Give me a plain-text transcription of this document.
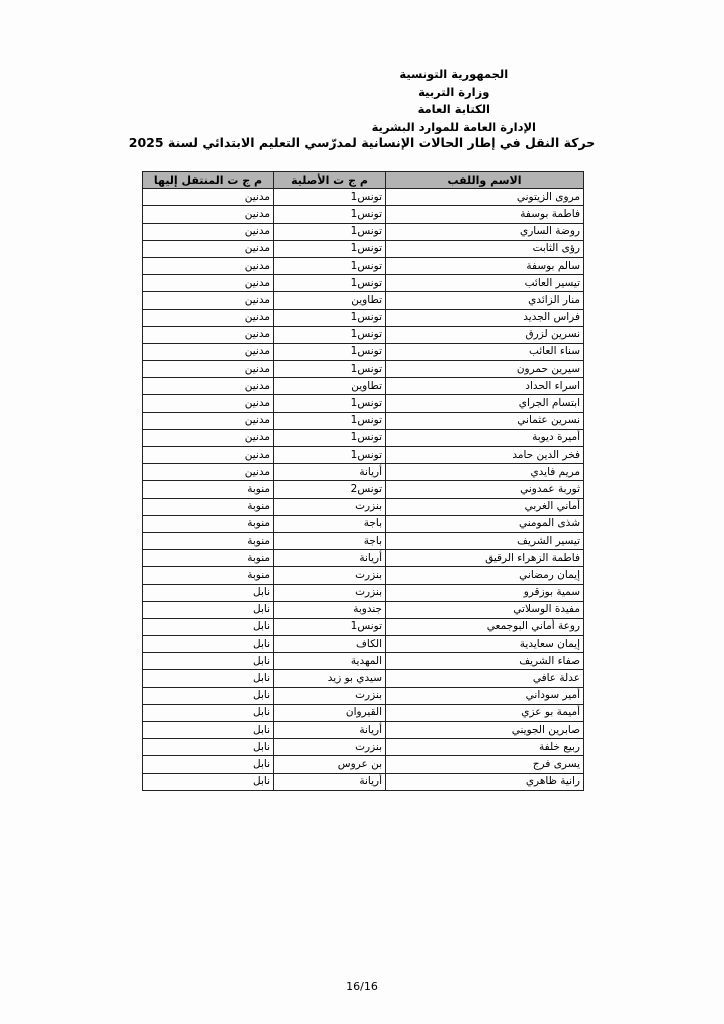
الجمهورية التونسية
وزارة التربية
الكتابة العامة
الإدارة العامة للموارد البشرية
حركة النقل في إطار الحالات الإنسانية لمدرّسي التعليم الابتدائي لسنة 2025
الاسم واللقب	م ج ت الأصلية	م ج ت المنتقل إليها
مروى الزيتوني	تونس1	مدنين
فاطمة بوسفة	تونس1	مدنين
روضة الساري	تونس1	مدنين
رؤى الثابت	تونس1	مدنين
سالم بوسفة	تونس1	مدنين
تيسير العائب	تونس1	مدنين
منار الزائدي	تطاوين	مدنين
فراس الجديد	تونس1	مدنين
نسرين لزرق	تونس1	مدنين
سناء العائب	تونس1	مدنين
سيرين حمرون	تونس1	مدنين
اسراء الحداد	تطاوين	مدنين
ابتسام الجراي	تونس1	مدنين
نسرين عثماني	تونس1	مدنين
أميرة ديوبة	تونس1	مدنين
فخر الدين حامد	تونس1	مدنين
مريم فايدي	أريانة	مدنين
ثوربة عمدوني	تونس2	منوبة
أماني الغربي	بنزرت	منوبة
شذى المومني	باجة	منوبة
تيسير الشريف	باجة	منوبة
فاطمة الزهراء الرقيق	أريانة	منوبة
إيمان رمضاني	بنزرت	منوبة
سمية بوزقرو	بنزرت	نابل
مفيدة الوسلاتي	جندوبة	نابل
روعة أماني البوجمعي	تونس1	نابل
إيمان سعايدية	الكاف	نابل
صفاء الشريف	المهدية	نابل
عدلة عافي	سيدي بو زيد	نابل
أمير سوداني	بنزرت	نابل
أميمة بو عزي	القيروان	نابل
صابرين الجويني	أريانة	نابل
ربيع خلفة	بنزرت	نابل
يسرى فرج	بن عروس	نابل
رانية ظاهري	أريانة	نابل
16/16
